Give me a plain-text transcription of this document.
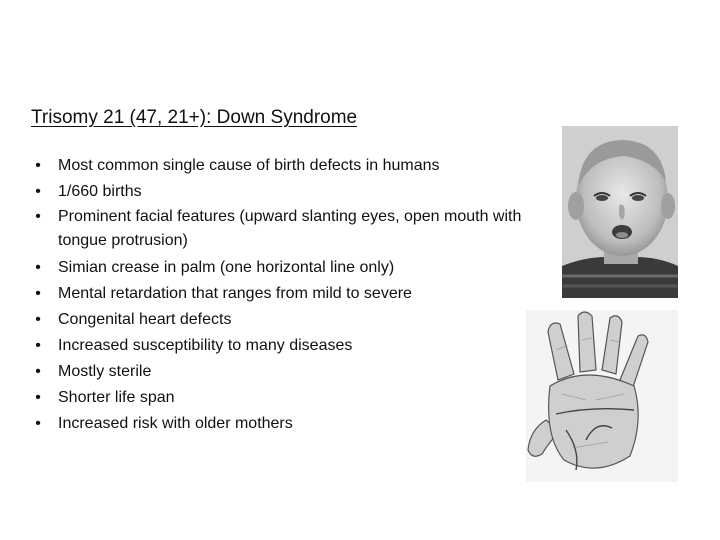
Trisomy 21 (47, 21+): Down Syndrome
•	Most common single cause of birth defects in humans
•	1/660 births
•	Prominent facial features (upward slanting eyes, open mouth with tongue protrusion)
•	Simian crease in palm (one horizontal line only)
•	Mental retardation that ranges from mild to severe
•	Congenital heart defects
•	Increased susceptibility to many diseases
•	Mostly sterile
•	Shorter life span
•	Increased risk with older mothers
